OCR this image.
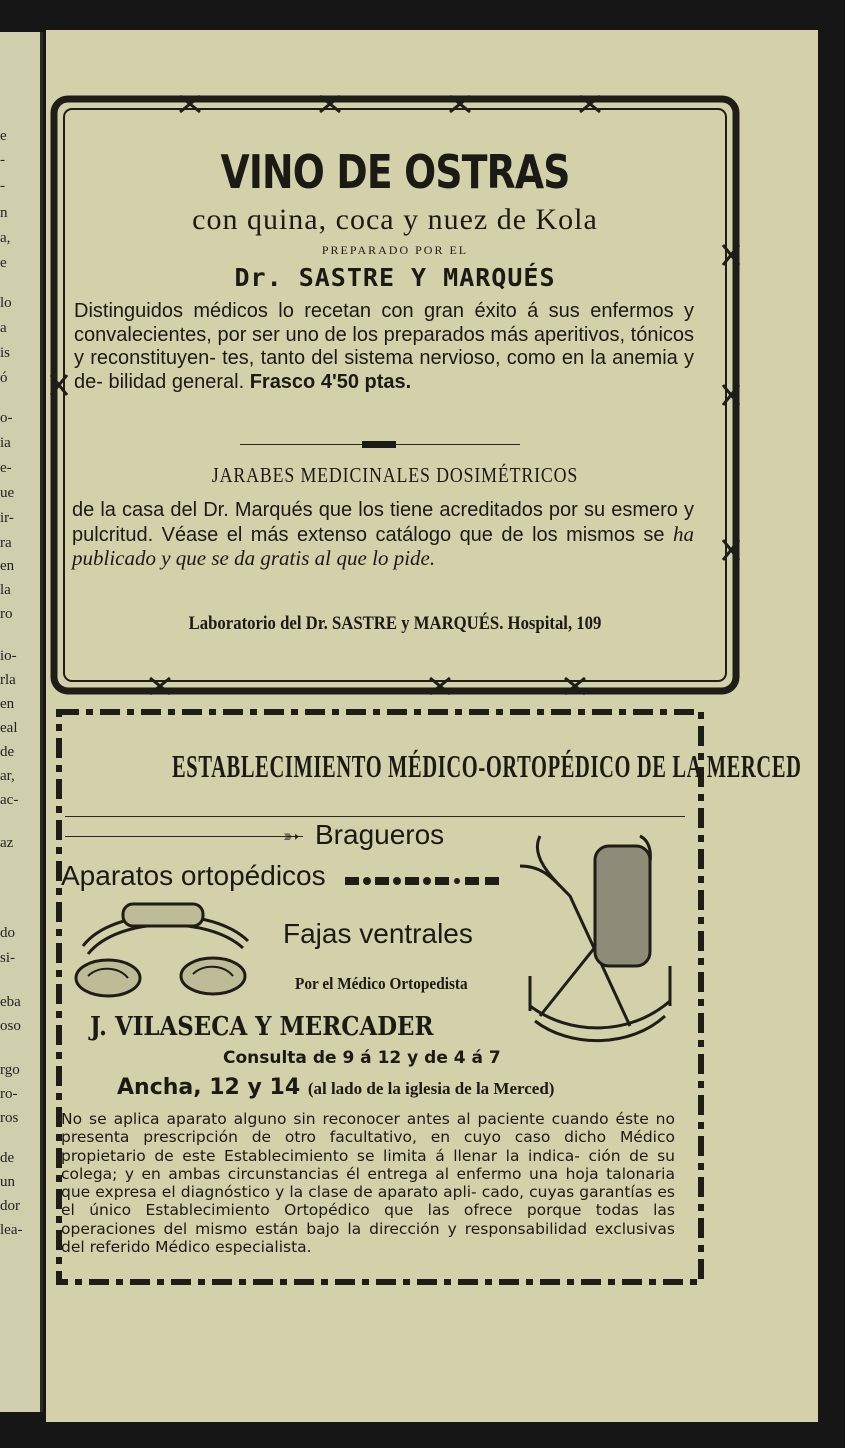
e
-
-
n
a,
e
lo
a
is
ó
o-
ia
e-
ue
ir-
ra
en
la
ro
io-
rla
en
eal
de
ar,
ac-
az
do
si-
eba
oso
rgo
ro-
ros
de
un
dor
lea-
VINO DE OSTRAS
con quina, coca y nuez de Kola
PREPARADO POR EL
Dr. SASTRE Y MARQUÉS
Distinguidos médicos lo recetan con gran éxito á sus enfermos y convalecientes, por ser uno de los preparados más aperitivos, tónicos y reconstituyen- tes, tanto del sistema nervioso, como en la anemia y de- bilidad general. Frasco 4'50 ptas.
JARABES MEDICINALES DOSIMÉTRICOS
de la casa del Dr. Marqués que los tiene acreditados por su esmero y pulcritud. Véase el más extenso catálogo que de los mismos se ha publicado y que se da gratis al que lo pide.
Laboratorio del Dr. SASTRE y MARQUÉS. Hospital, 109
ESTABLECIMIENTO MÉDICO-ORTOPÉDICO DE LA MERCED
➳ Bragueros
Aparatos ortopédicos
Fajas ventrales
Por el Médico Ortopedista
J. VILASECA Y MERCADER
Consulta de 9 á 12 y de 4 á 7
Ancha, 12 y 14 (al lado de la iglesia de la Merced)
No se aplica aparato alguno sin reconocer antes al paciente cuando éste no presenta prescripción de otro facultativo, en cuyo caso dicho Médico propietario de este Establecimiento se limita á llenar la indica- ción de su colega; y en ambas circunstancias él entrega al enfermo una hoja talonaria que expresa el diagnóstico y la clase de aparato apli- cado, cuyas garantías es el único Establecimiento Ortopédico que las ofrece porque todas las operaciones del mismo están bajo la dirección y responsabilidad exclusivas del referido Médico especialista.
